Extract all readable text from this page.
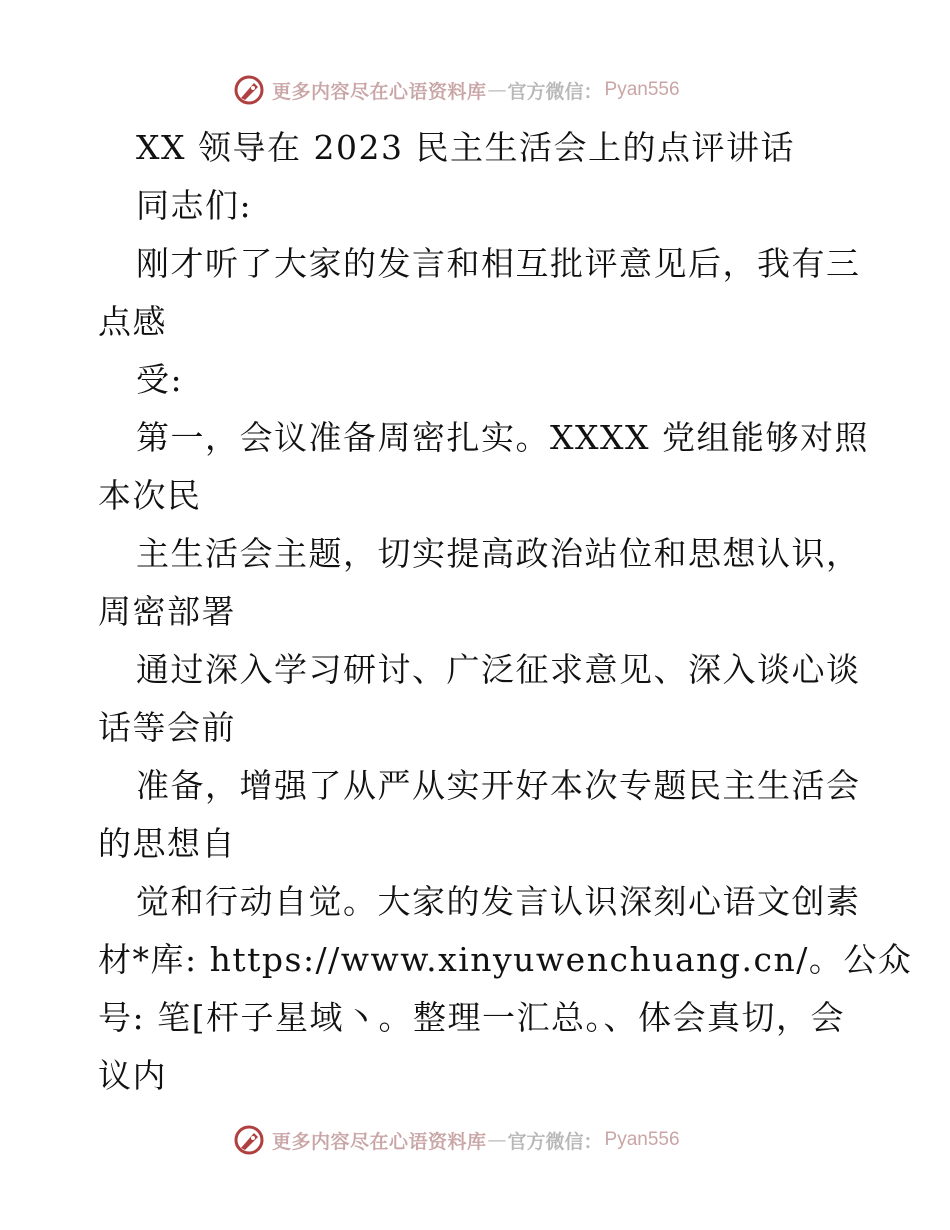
更多内容尽在心语资料库 — 官方微信： Pyan556
XX 领导在 2023 民主生活会上的点评讲话
同志们:
刚才听了大家的发言和相互批评意见后，我有三
点感
受:
第一，会议准备周密扎实。XXXX 党组能够对照
本次民
主生活会主题，切实提高政治站位和思想认识，
周密部署
通过深入学习研讨、广泛征求意见、深入谈心谈
话等会前
准备，增强了从严从实开好本次专题民主生活会
的思想自
觉和行动自觉。大家的发言认识深刻心语文创素
材*库: https://www.xinyuwenchuang.cn/。公众
号: 笔[杆子星域丶。整理一汇总。、体会真切，会
议内
更多内容尽在心语资料库 — 官方微信： Pyan556
